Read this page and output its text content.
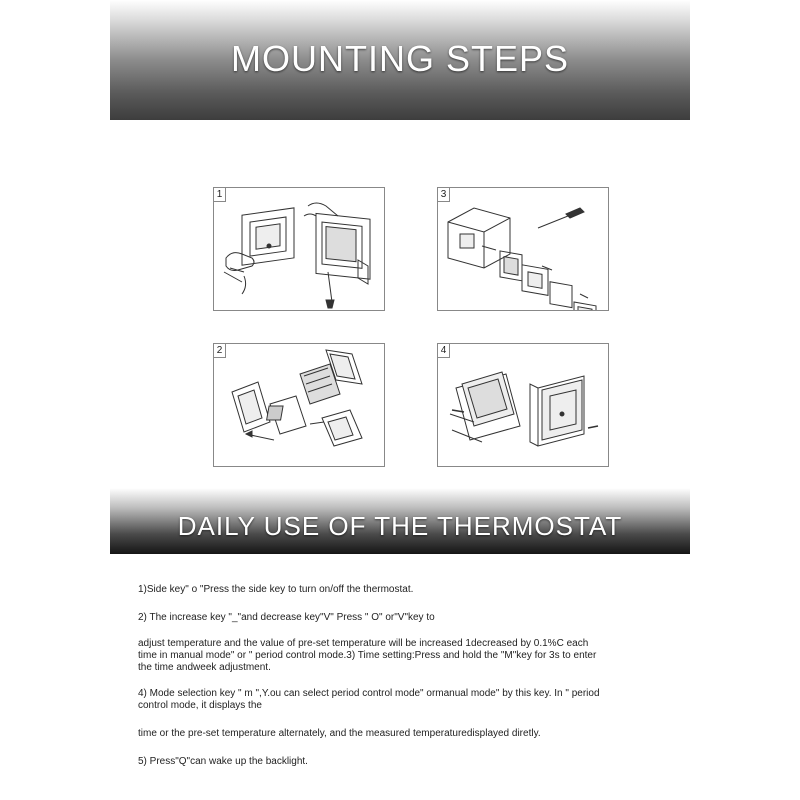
MOUNTING STEPS
1	3
2	4
DAILY USE OF THE THERMOSTAT

1)Side key" o "Press the side key to turn on/off the thermostat.

2) The increase key "_"and decrease key"V" Press " O" or"V"key to

adjust temperature and the value of pre-set temperature will be increased 1decreased by 0.1%C each time in manual mode" or " period control mode.3) Time setting:Press and hold the "M"key for 3s to enter the time andweek adjustment.

4) Mode selection key " m ",Y.ou can select period control mode" ormanual mode" by this key. In " period control mode, it displays the

time or the pre-set temperature alternately, and the measured temperaturedisplayed diretly.

5) Press"Q"can wake up the backlight.
